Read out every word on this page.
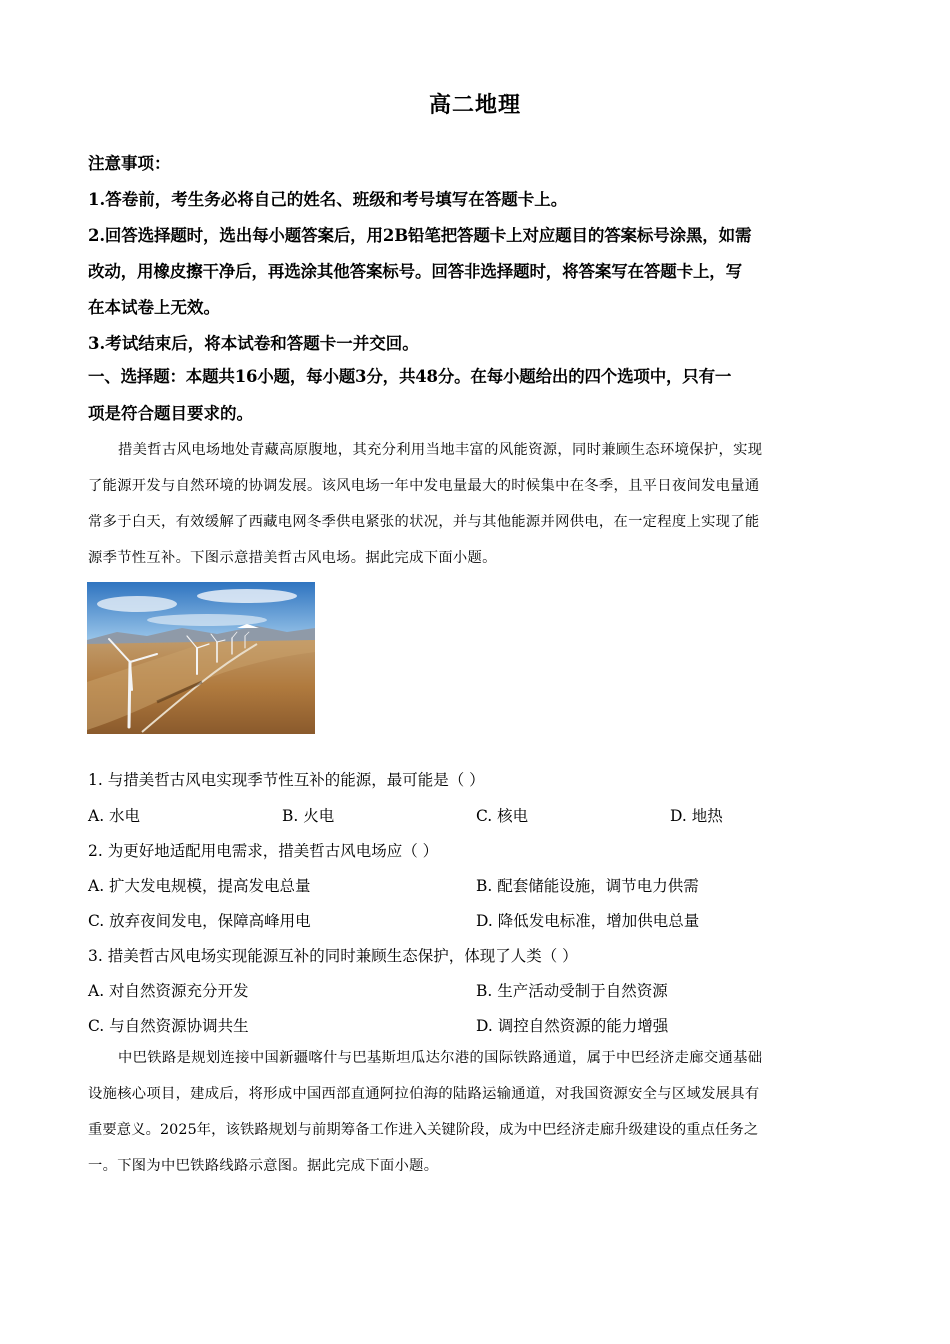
高二地理
注意事项：
1.答卷前，考生务必将自己的姓名、班级和考号填写在答题卡上。
2.回答选择题时，选出每小题答案后，用2B铅笔把答题卡上对应题目的答案标号涂黑，如需
改动，用橡皮擦干净后，再选涂其他答案标号。回答非选择题时，将答案写在答题卡上，写
在本试卷上无效。
3.考试结束后，将本试卷和答题卡一并交回。
一、选择题：本题共16小题，每小题3分，共48分。在每小题给出的四个选项中，只有一
项是符合题目要求的。
措美哲古风电场地处青藏高原腹地，其充分利用当地丰富的风能资源，同时兼顾生态环境保护，实现
了能源开发与自然环境的协调发展。该风电场一年中发电量最大的时候集中在冬季，且平日夜间发电量通
常多于白天，有效缓解了西藏电网冬季供电紧张的状况，并与其他能源并网供电，在一定程度上实现了能
源季节性互补。下图示意措美哲古风电场。据此完成下面小题。
1. 与措美哲古风电实现季节性互补的能源，最可能是（ ）
A. 水电	B. 火电	C. 核电	D. 地热
2. 为更好地适配用电需求，措美哲古风电场应（ ）
A. 扩大发电规模，提高发电总量	B. 配套储能设施，调节电力供需
C. 放弃夜间发电，保障高峰用电	D. 降低发电标准，增加供电总量
3. 措美哲古风电场实现能源互补的同时兼顾生态保护，体现了人类（ ）
A. 对自然资源充分开发	B. 生产活动受制于自然资源
C. 与自然资源协调共生	D. 调控自然资源的能力增强
中巴铁路是规划连接中国新疆喀什与巴基斯坦瓜达尔港的国际铁路通道，属于中巴经济走廊交通基础
设施核心项目，建成后，将形成中国西部直通阿拉伯海的陆路运输通道，对我国资源安全与区域发展具有
重要意义。2025年，该铁路规划与前期筹备工作进入关键阶段，成为中巴经济走廊升级建设的重点任务之
一。下图为中巴铁路线路示意图。据此完成下面小题。
